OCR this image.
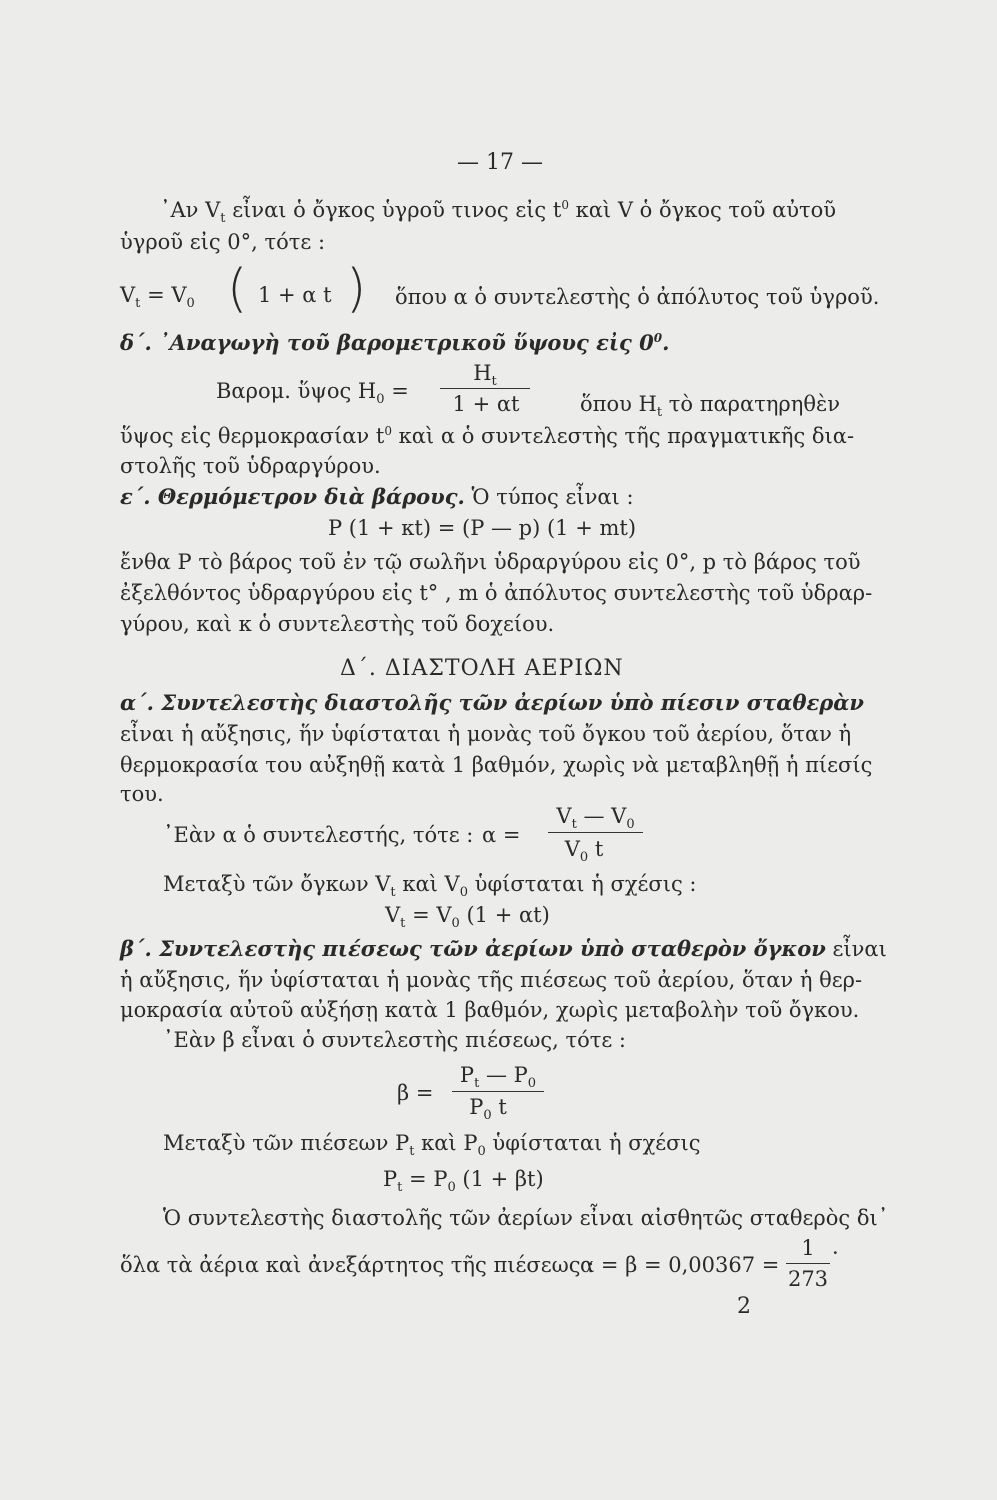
— 17 —
᾿Αν $V_t$ εἶναι ὁ ὄγκος ὑγροῦ τινος εἰς $t^0$ καὶ V ὁ ὄγκος τοῦ αὐτοῦ
ὑγροῦ εἰς 0°, τότε :
$V_t = V_0$ ( 1 + α t ) ὅπου α ὁ συντελεστὴς ὁ ἀπόλυτος τοῦ ὑγροῦ.
δ΄. ᾿Αναγωγὴ τοῦ βαρομετρικοῦ ὕψους εἰς $0^0$.
Βαρομ. ὕψος $H_0$ =
$H_t$
1 + αt	ὅπου $H_t$ τὸ παρατηρηθὲν
ὕψος εἰς θερμοκρασίαν $t^0$ καὶ α ὁ συντελεστὴς τῆς πραγματικῆς δια-
στολῆς τοῦ ὑδραργύρου.
ε΄. Θερμόμετρον διὰ βάρους. Ὁ τύπος εἶναι :
P (1 + κt) = (P — p) (1 + mt)
ἔνθα P τὸ βάρος τοῦ ἐν τῷ σωλῆνι ὑδραργύρου εἰς 0°, p τὸ βάρος τοῦ
ἐξελθόντος ὑδραργύρου εἰς t° , m ὁ ἀπόλυτος συντελεστὴς τοῦ ὑδραρ-
γύρου, καὶ κ ὁ συντελεστὴς τοῦ δοχείου.
Δ΄. ΔΙΑΣΤΟΛΗ ΑΕΡΙΩΝ
α΄. Συντελεστὴς διαστολῆς τῶν ἀερίων ὑπὸ πίεσιν σταθερὰν
εἶναι ἡ αὔξησις, ἥν ὑφίσταται ἡ μονὰς τοῦ ὄγκου τοῦ ἀερίου, ὅταν ἡ
θερμοκρασία του αὐξηθῇ κατὰ 1 βαθμόν, χωρὶς νὰ μεταβληθῇ ἡ πίεσίς
του.
᾿Εὰν α ὁ συντελεστής, τότε : α =
$V_t$ — $V_0$
$V_0$ t
Μεταξὺ τῶν ὄγκων $V_t$ καὶ $V_0$ ὑφίσταται ἡ σχέσις :
$V_t = V_0$ (1 + αt)
β΄. Συντελεστὴς πιέσεως τῶν ἀερίων ὑπὸ σταθερὸν ὄγκον εἶναι
ἡ αὔξησις, ἥν ὑφίσταται ἡ μονὰς τῆς πιέσεως τοῦ ἀερίου, ὅταν ἡ θερ-
μοκρασία αὐτοῦ αὐξήσῃ κατὰ 1 βαθμόν, χωρὶς μεταβολὴν τοῦ ὄγκου.
᾿Εὰν β εἶναι ὁ συντελεστὴς πιέσεως, τότε :
β =
$P_t$ — $P_0$
$P_0$ t
Μεταξὺ τῶν πιέσεων $P_t$ καὶ $P_0$ ὑφίσταται ἡ σχέσις
$P_t = P_0$ (1 + βt)
Ὁ συντελεστὴς διαστολῆς τῶν ἀερίων εἶναι αἰσθητῶς σταθερὸς δι᾿
ὅλα τὰ ἀέρια καὶ ἀνεξάρτητος τῆς πιέσεως :
α = β = 0,00367 =
1
273
·
2
